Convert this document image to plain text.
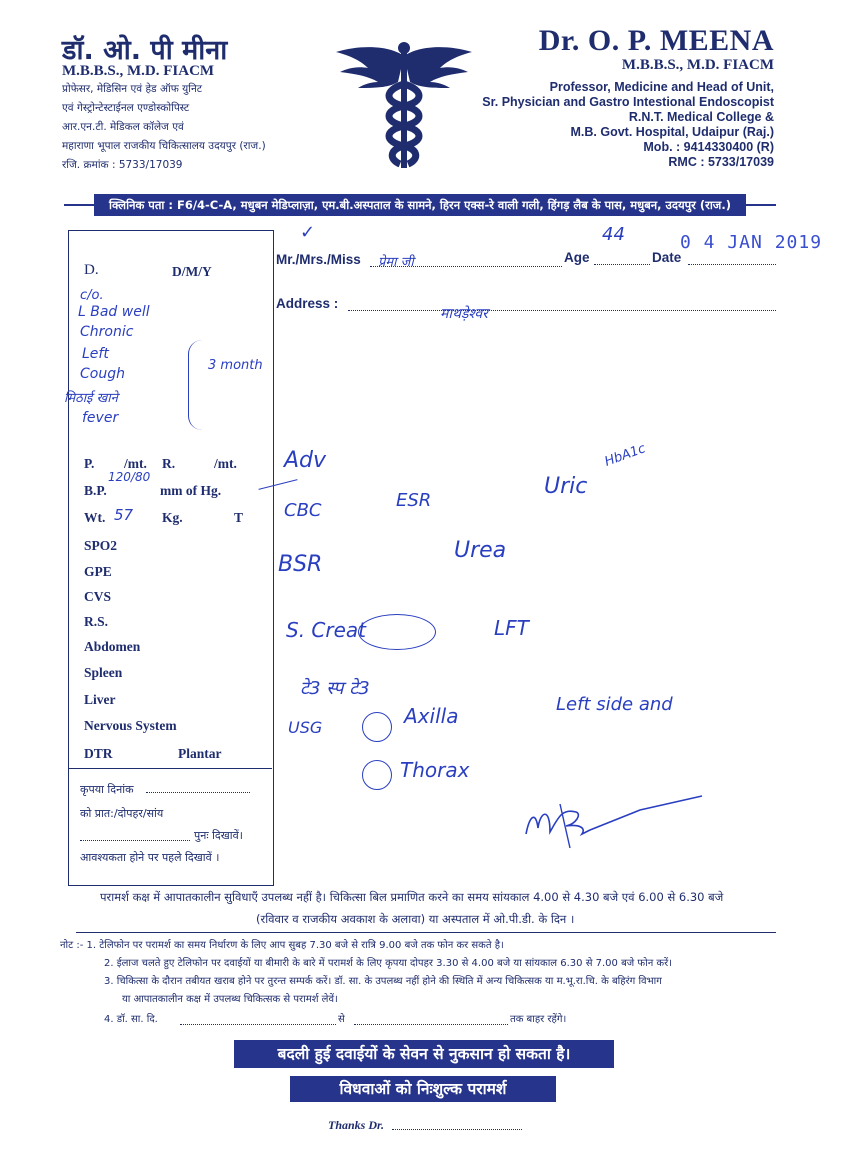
डॉ. ओ. पी मीना
M.B.B.S., M.D. FIACM
प्रोफेसर, मेडिसिन एवं हेड ऑफ युनिट
एवं गेस्ट्रोन्टेस्टाईनल एण्डोस्कोपिस्ट
आर.एन.टी. मेडिकल कॉलेज एवं
महाराणा भूपाल राजकीय चिकित्सालय उदयपुर (राज.)
रजि. क्रमांक : 5733/17039
Dr. O. P. MEENA
M.B.B.S., M.D. FIACM
Professor, Medicine and Head of Unit,
Sr. Physician and Gastro Intestional Endoscopist
R.N.T. Medical College &
M.B. Govt. Hospital, Udaipur (Raj.)
Mob. : 9414330400 (R)
RMC : 5733/17039
क्लिनिक पता : F6/4-C-A, मधुबन मेडिप्लाज़ा, एम.बी.अस्पताल के सामने, हिरन एक्स-रे वाली गली, हिंगड़ लैब के पास, मधुबन, उदयपुर (राज.)
D.	D/M/Y
c/o.
L Bad well
Chronic
Left
Cough
मिठाई खाने
fever
3 month
P. /mt. R.	/mt.
B.P.
120/80
mm of Hg.
Wt. 57 Kg.	T
SPO2
GPE
CVS
R.S.
Abdomen
Spleen
Liver
Nervous System
DTR	Plantar
कृपया दिनांक
को प्रात:/दोपहर/सांय
पुनः दिखावें।
आवश्यकता होने पर पहले दिखावें ।
✓
Mr./Mrs./Miss प्रेमा जी	Age
44
Date
0 4 JAN 2019
Address :
माथड़ेश्वर
Adv
CBC	ESR
Uric
HbA1c
BSR
Urea
S. Creat	LFT
टे3 स्प टे3
USG	Axilla	Left side and
Thorax
परामर्श कक्ष में आपातकालीन सुविधाएँ उपलब्ध नहीं है। चिकित्सा बिल प्रमाणित करने का समय सांयकाल 4.00 से 4.30 बजे एवं 6.00 से 6.30 बजे
(रविवार व राजकीय अवकाश के अलावा) या अस्पताल में ओ.पी.डी. के दिन ।
नोट :- 1. टेलिफोन पर परामर्श का समय निर्धारण के लिए आप सुबह 7.30 बजे से रात्रि 9.00 बजे तक फोन कर सकते है।
2. ईलाज चलते हुए टेलिफोन पर दवाईयों या बीमारी के बारे में परामर्श के लिए कृपया दोपहर 3.30 से 4.00 बजे या सांयकाल 6.30 से 7.00 बजे फोन करें।
3. चिकित्सा के दौरान तबीयत खराब होने पर तुरन्त सम्पर्क करें। डॉ. सा. के उपलब्ध नहीं होने की स्थिति में अन्य चिकित्सक या म.भू.रा.चि. के बहिरंग विभाग
या आपातकालीन कक्ष में उपलब्ध चिकित्सक से परामर्श लेवें।
4. डॉ. सा. दि.	से	तक बाहर रहेंगे।
बदली हुई दवाईयों के सेवन से नुकसान हो सकता है।
विधवाओं को निःशुल्क परामर्श
Thanks Dr.
